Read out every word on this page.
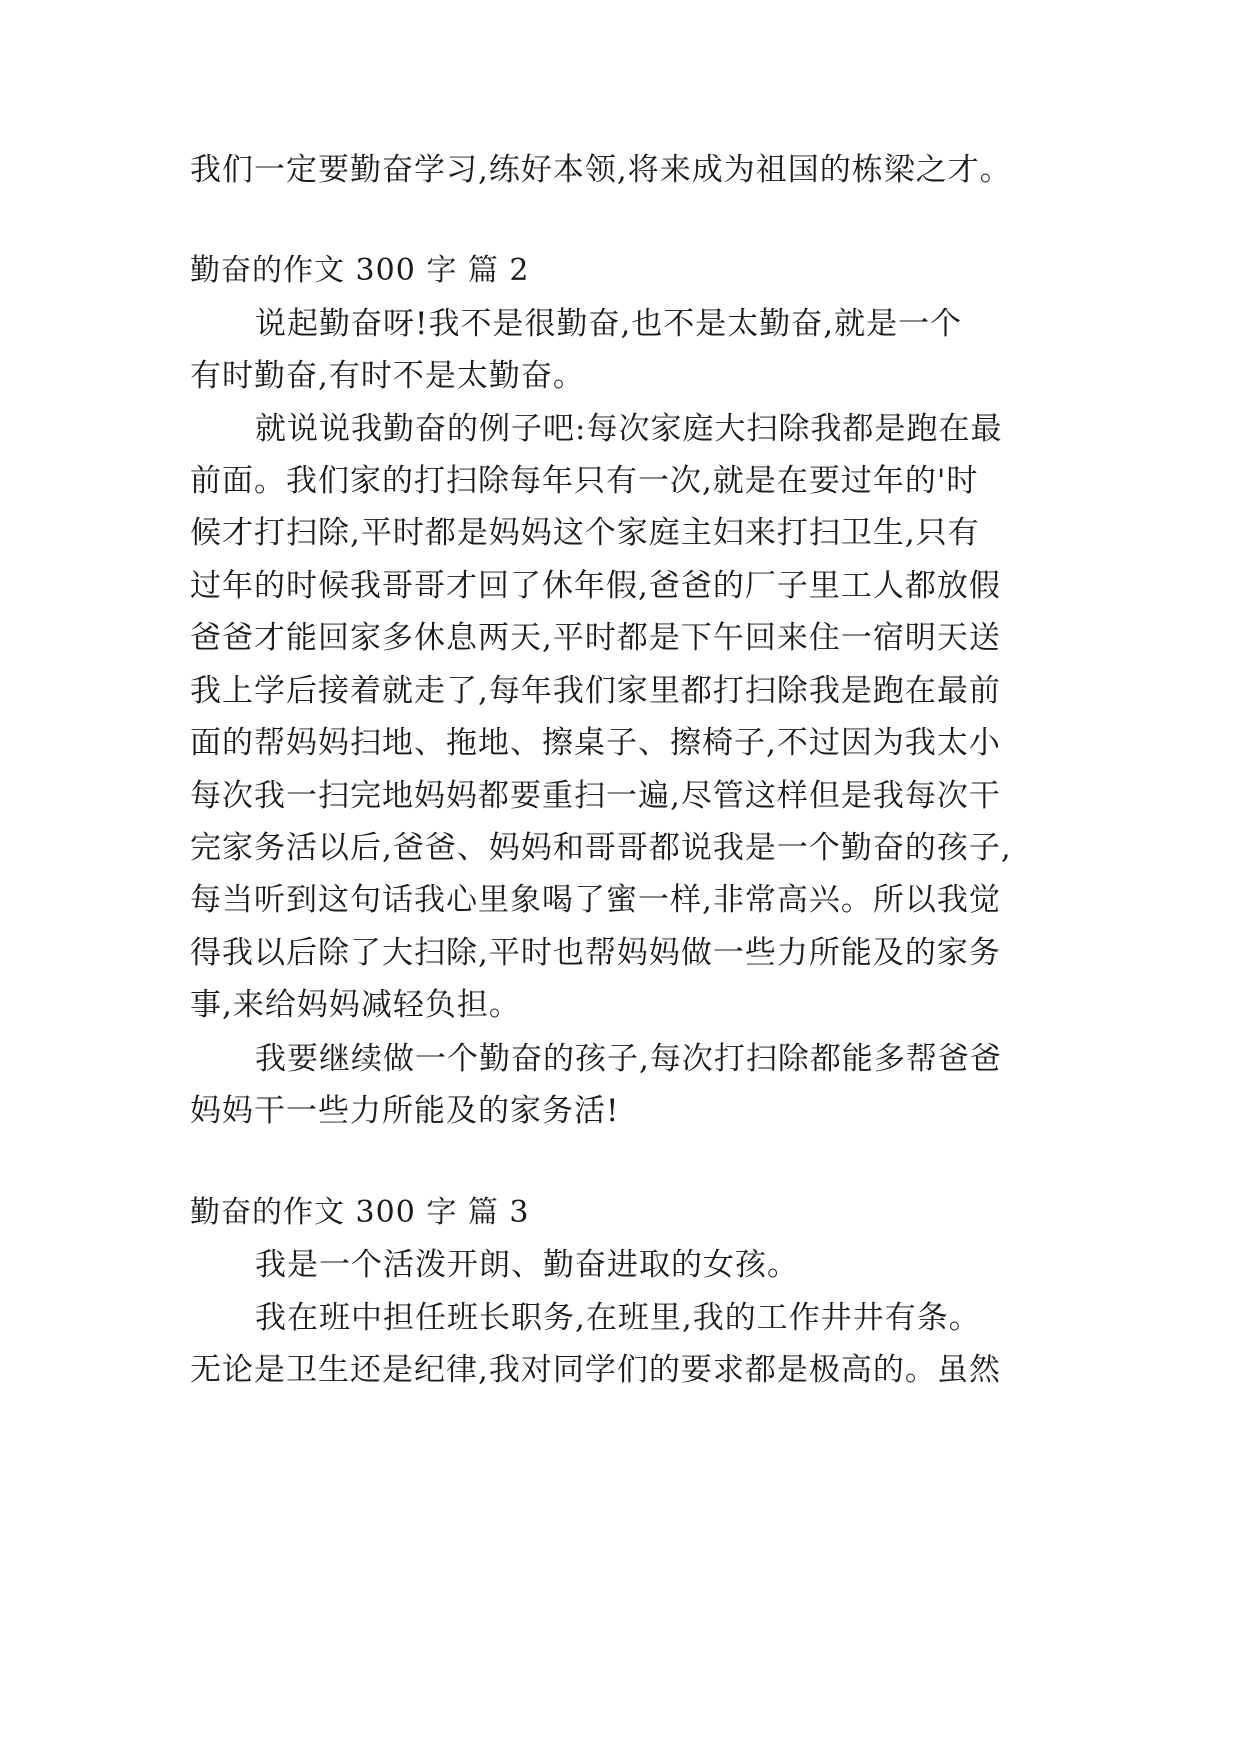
我们一定要勤奋学习,练好本领,将来成为祖国的栋梁之才。
勤奋的作文 300 字 篇 2
说起勤奋呀!我不是很勤奋,也不是太勤奋,就是一个
有时勤奋,有时不是太勤奋。
就说说我勤奋的例子吧:每次家庭大扫除我都是跑在最
前面。我们家的打扫除每年只有一次,就是在要过年的'时
候才打扫除,平时都是妈妈这个家庭主妇来打扫卫生,只有
过年的时候我哥哥才回了休年假,爸爸的厂子里工人都放假
爸爸才能回家多休息两天,平时都是下午回来住一宿明天送
我上学后接着就走了,每年我们家里都打扫除我是跑在最前
面的帮妈妈扫地、拖地、擦桌子、擦椅子,不过因为我太小
每次我一扫完地妈妈都要重扫一遍,尽管这样但是我每次干
完家务活以后,爸爸、妈妈和哥哥都说我是一个勤奋的孩子,
每当听到这句话我心里象喝了蜜一样,非常高兴。所以我觉
得我以后除了大扫除,平时也帮妈妈做一些力所能及的家务
事,来给妈妈减轻负担。
我要继续做一个勤奋的孩子,每次打扫除都能多帮爸爸
妈妈干一些力所能及的家务活!
勤奋的作文 300 字 篇 3
我是一个活泼开朗、勤奋进取的女孩。
我在班中担任班长职务,在班里,我的工作井井有条。
无论是卫生还是纪律,我对同学们的要求都是极高的。虽然
